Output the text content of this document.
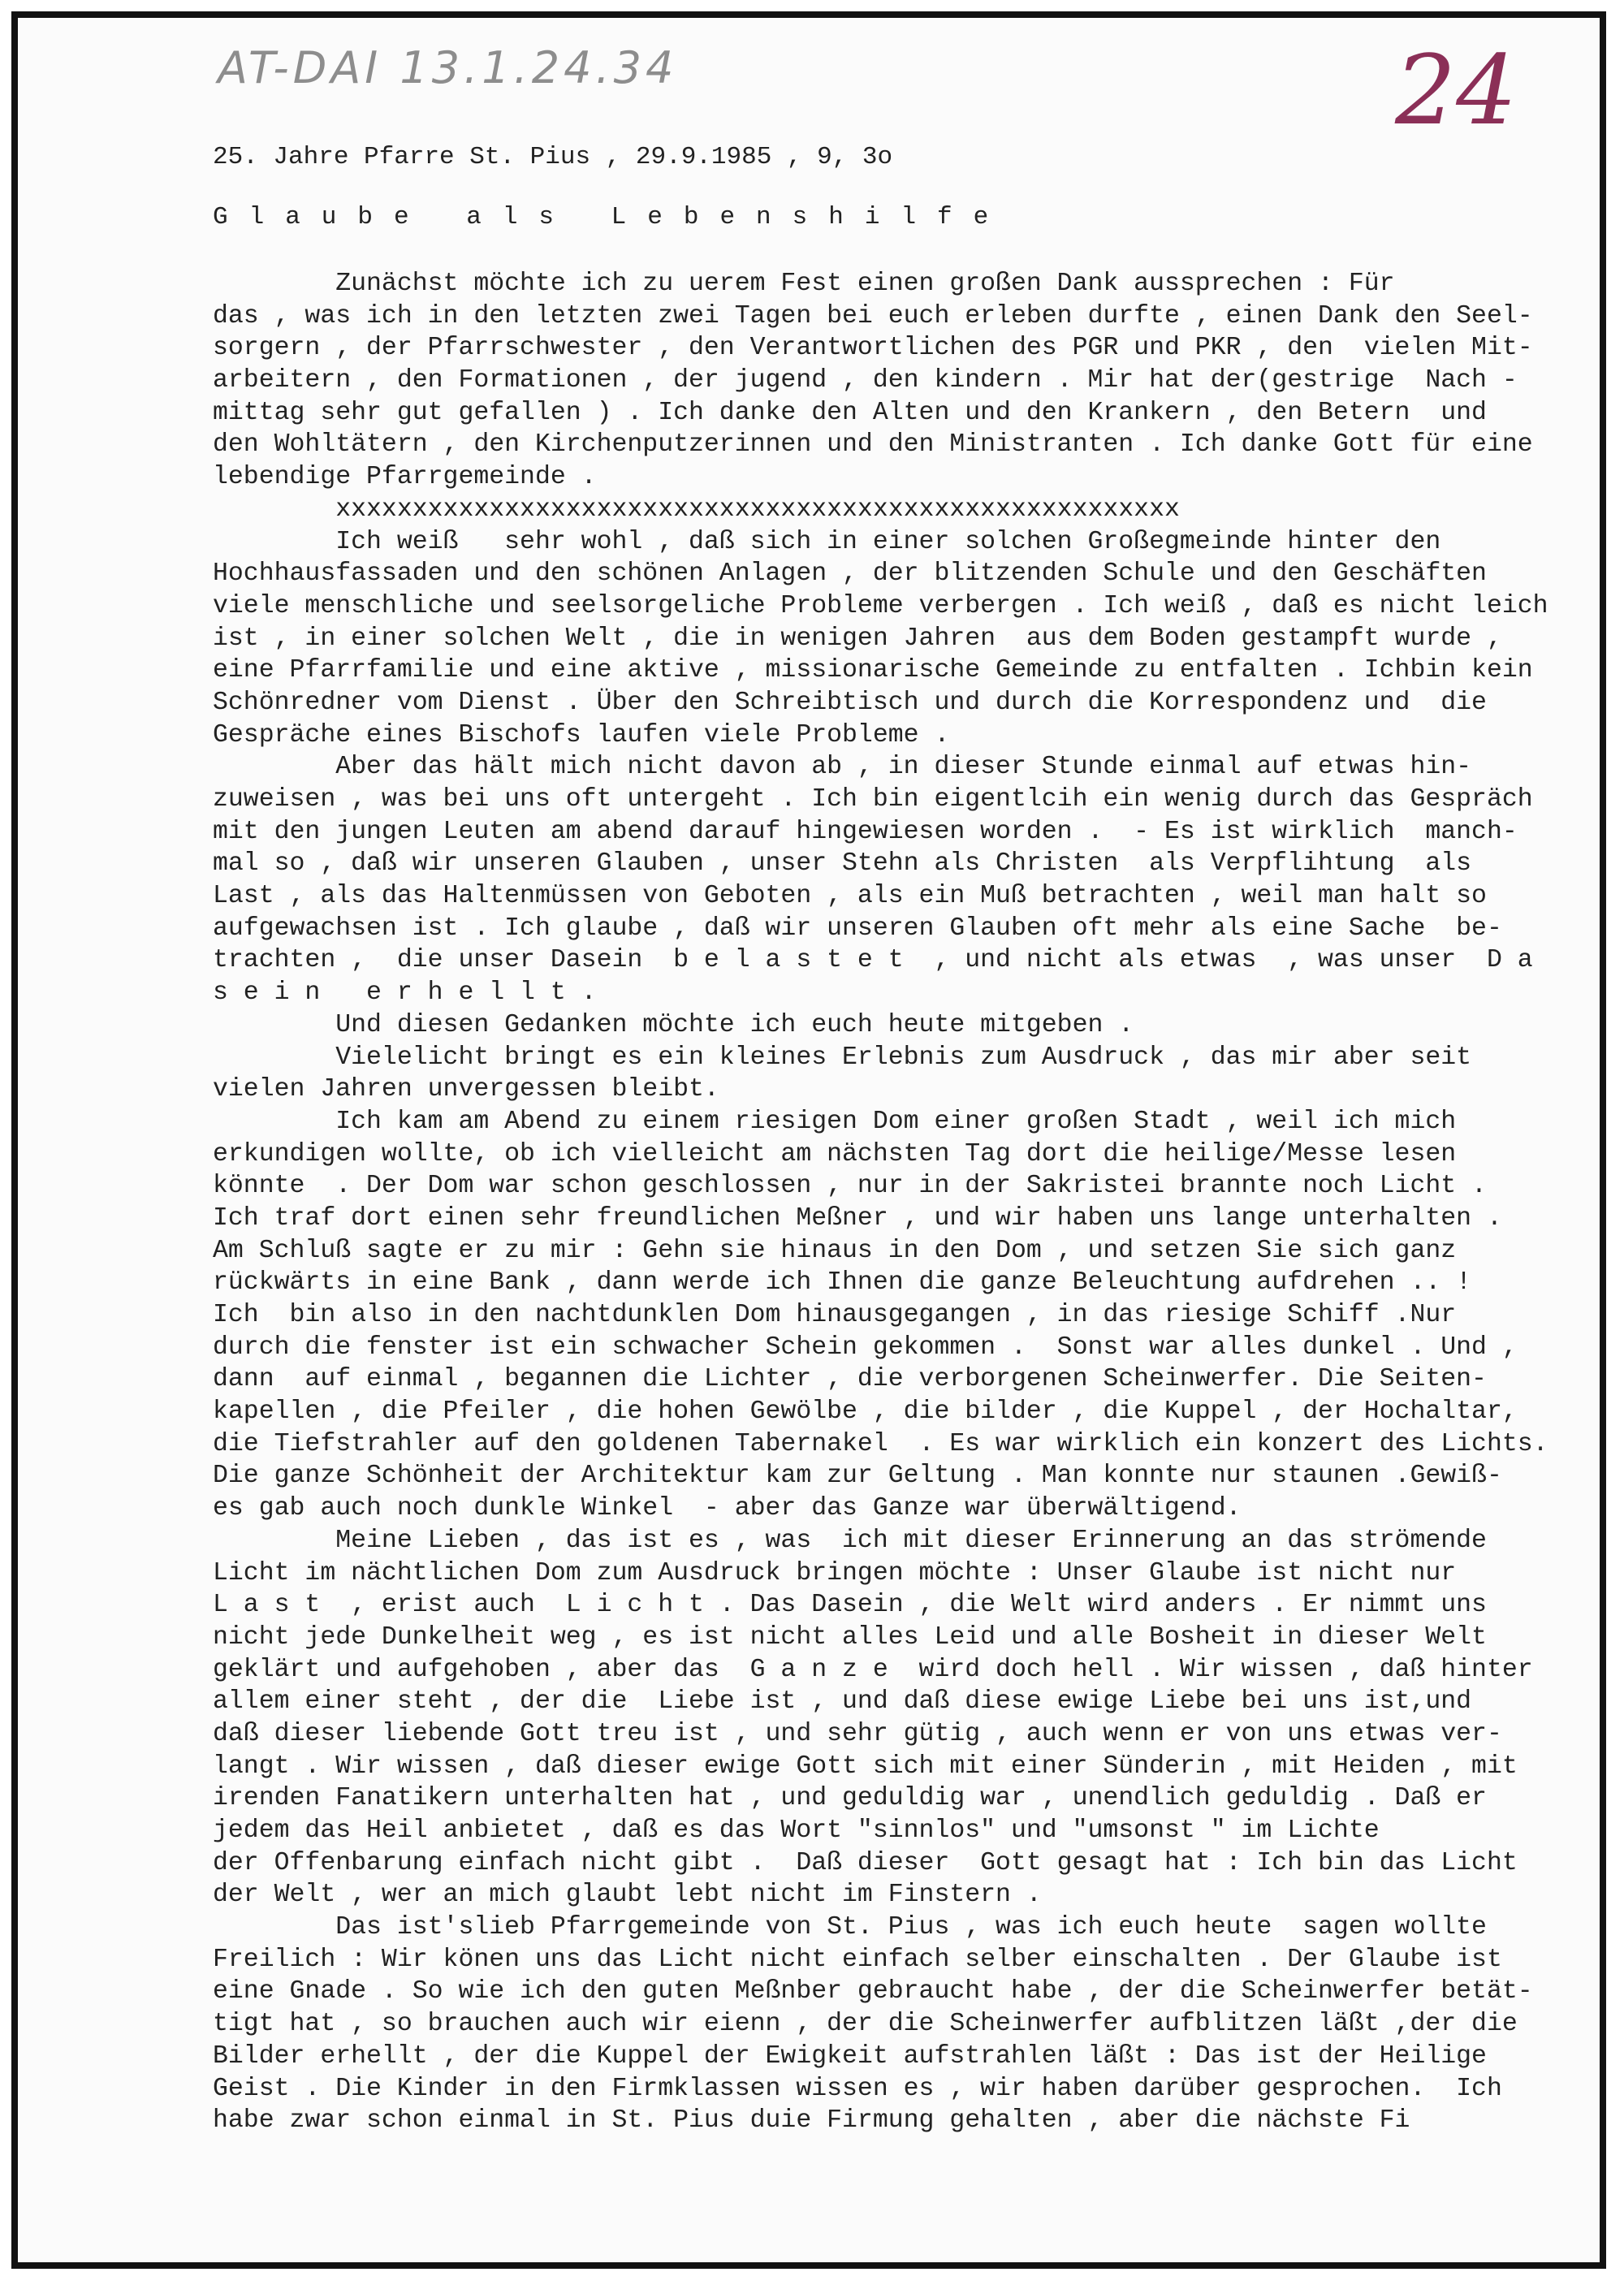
AT-DAI 13.1.24.34	24
25. Jahre Pfarre St. Pius , 29.9.1985 , 9, 3o
Glaube als Lebenshilfe
Zunächst möchte ich zu uerem Fest einen großen Dank aussprechen : Für
das , was ich in den letzten zwei Tagen bei euch erleben durfte , einen Dank den Seel-
sorgern , der Pfarrschwester , den Verantwortlichen des PGR und PKR , den  vielen Mit-
arbeitern , den Formationen , der jugend , den kindern . Mir hat der(gestrige  Nach -
mittag sehr gut gefallen ) . Ich danke den Alten und den Krankern , den Betern  und
den Wohltätern , den Kirchenputzerinnen und den Ministranten . Ich danke Gott für eine
lebendige Pfarrgemeinde .
xxxxxxxxxxxxxxxxxxxxxxxxxxxxxxxxxxxxxxxxxxxxxxxxxxxxxxx
Ich weiß   sehr wohl , daß sich in einer solchen Großegmeinde hinter den
Hochhausfassaden und den schönen Anlagen , der blitzenden Schule und den Geschäften
viele menschliche und seelsorgeliche Probleme verbergen . Ich weiß , daß es nicht leich
ist , in einer solchen Welt , die in wenigen Jahren  aus dem Boden gestampft wurde ,
eine Pfarrfamilie und eine aktive , missionarische Gemeinde zu entfalten . Ichbin kein
Schönredner vom Dienst . Über den Schreibtisch und durch die Korrespondenz und  die
Gespräche eines Bischofs laufen viele Probleme .
Aber das hält mich nicht davon ab , in dieser Stunde einmal auf etwas hin-
zuweisen , was bei uns oft untergeht . Ich bin eigentlcih ein wenig durch das Gespräch
mit den jungen Leuten am abend darauf hingewiesen worden .  - Es ist wirklich  manch-
mal so , daß wir unseren Glauben , unser Stehn als Christen  als Verpflihtung  als
Last , als das Haltenmüssen von Geboten , als ein Muß betrachten , weil man halt so
aufgewachsen ist . Ich glaube , daß wir unseren Glauben oft mehr als eine Sache  be-
trachten ,  die unser Dasein  b e l a s t e t  , und nicht als etwas  , was unser  D a
s e i n   e r h e l l t .
Und diesen Gedanken möchte ich euch heute mitgeben .
Vielelicht bringt es ein kleines Erlebnis zum Ausdruck , das mir aber seit
vielen Jahren unvergessen bleibt.
Ich kam am Abend zu einem riesigen Dom einer großen Stadt , weil ich mich
erkundigen wollte, ob ich vielleicht am nächsten Tag dort die heilige/Messe lesen
könnte  . Der Dom war schon geschlossen , nur in der Sakristei brannte noch Licht .
Ich traf dort einen sehr freundlichen Meßner , und wir haben uns lange unterhalten .
Am Schluß sagte er zu mir : Gehn sie hinaus in den Dom , und setzen Sie sich ganz
rückwärts in eine Bank , dann werde ich Ihnen die ganze Beleuchtung aufdrehen .. !
Ich  bin also in den nachtdunklen Dom hinausgegangen , in das riesige Schiff .Nur
durch die fenster ist ein schwacher Schein gekommen .  Sonst war alles dunkel . Und ,
dann  auf einmal , begannen die Lichter , die verborgenen Scheinwerfer. Die Seiten-
kapellen , die Pfeiler , die hohen Gewölbe , die bilder , die Kuppel , der Hochaltar,
die Tiefstrahler auf den goldenen Tabernakel  . Es war wirklich ein konzert des Lichts.
Die ganze Schönheit der Architektur kam zur Geltung . Man konnte nur staunen .Gewiß-
es gab auch noch dunkle Winkel  - aber das Ganze war überwältigend.
Meine Lieben , das ist es , was  ich mit dieser Erinnerung an das strömende
Licht im nächtlichen Dom zum Ausdruck bringen möchte : Unser Glaube ist nicht nur
L a s t  , erist auch  L i c h t . Das Dasein , die Welt wird anders . Er nimmt uns
nicht jede Dunkelheit weg , es ist nicht alles Leid und alle Bosheit in dieser Welt
geklärt und aufgehoben , aber das  G a n z e  wird doch hell . Wir wissen , daß hinter
allem einer steht , der die  Liebe ist , und daß diese ewige Liebe bei uns ist,und
daß dieser liebende Gott treu ist , und sehr gütig , auch wenn er von uns etwas ver-
langt . Wir wissen , daß dieser ewige Gott sich mit einer Sünderin , mit Heiden , mit
irenden Fanatikern unterhalten hat , und geduldig war , unendlich geduldig . Daß er
jedem das Heil anbietet , daß es das Wort "sinnlos" und "umsonst " im Lichte
der Offenbarung einfach nicht gibt .  Daß dieser  Gott gesagt hat : Ich bin das Licht
der Welt , wer an mich glaubt lebt nicht im Finstern .
Das ist'slieb Pfarrgemeinde von St. Pius , was ich euch heute  sagen wollte
Freilich : Wir könen uns das Licht nicht einfach selber einschalten . Der Glaube ist
eine Gnade . So wie ich den guten Meßnber gebraucht habe , der die Scheinwerfer betät-
tigt hat , so brauchen auch wir eienn , der die Scheinwerfer aufblitzen läßt ,der die
Bilder erhellt , der die Kuppel der Ewigkeit aufstrahlen läßt : Das ist der Heilige
Geist . Die Kinder in den Firmklassen wissen es , wir haben darüber gesprochen.  Ich
habe zwar schon einmal in St. Pius duie Firmung gehalten , aber die nächste Fi
